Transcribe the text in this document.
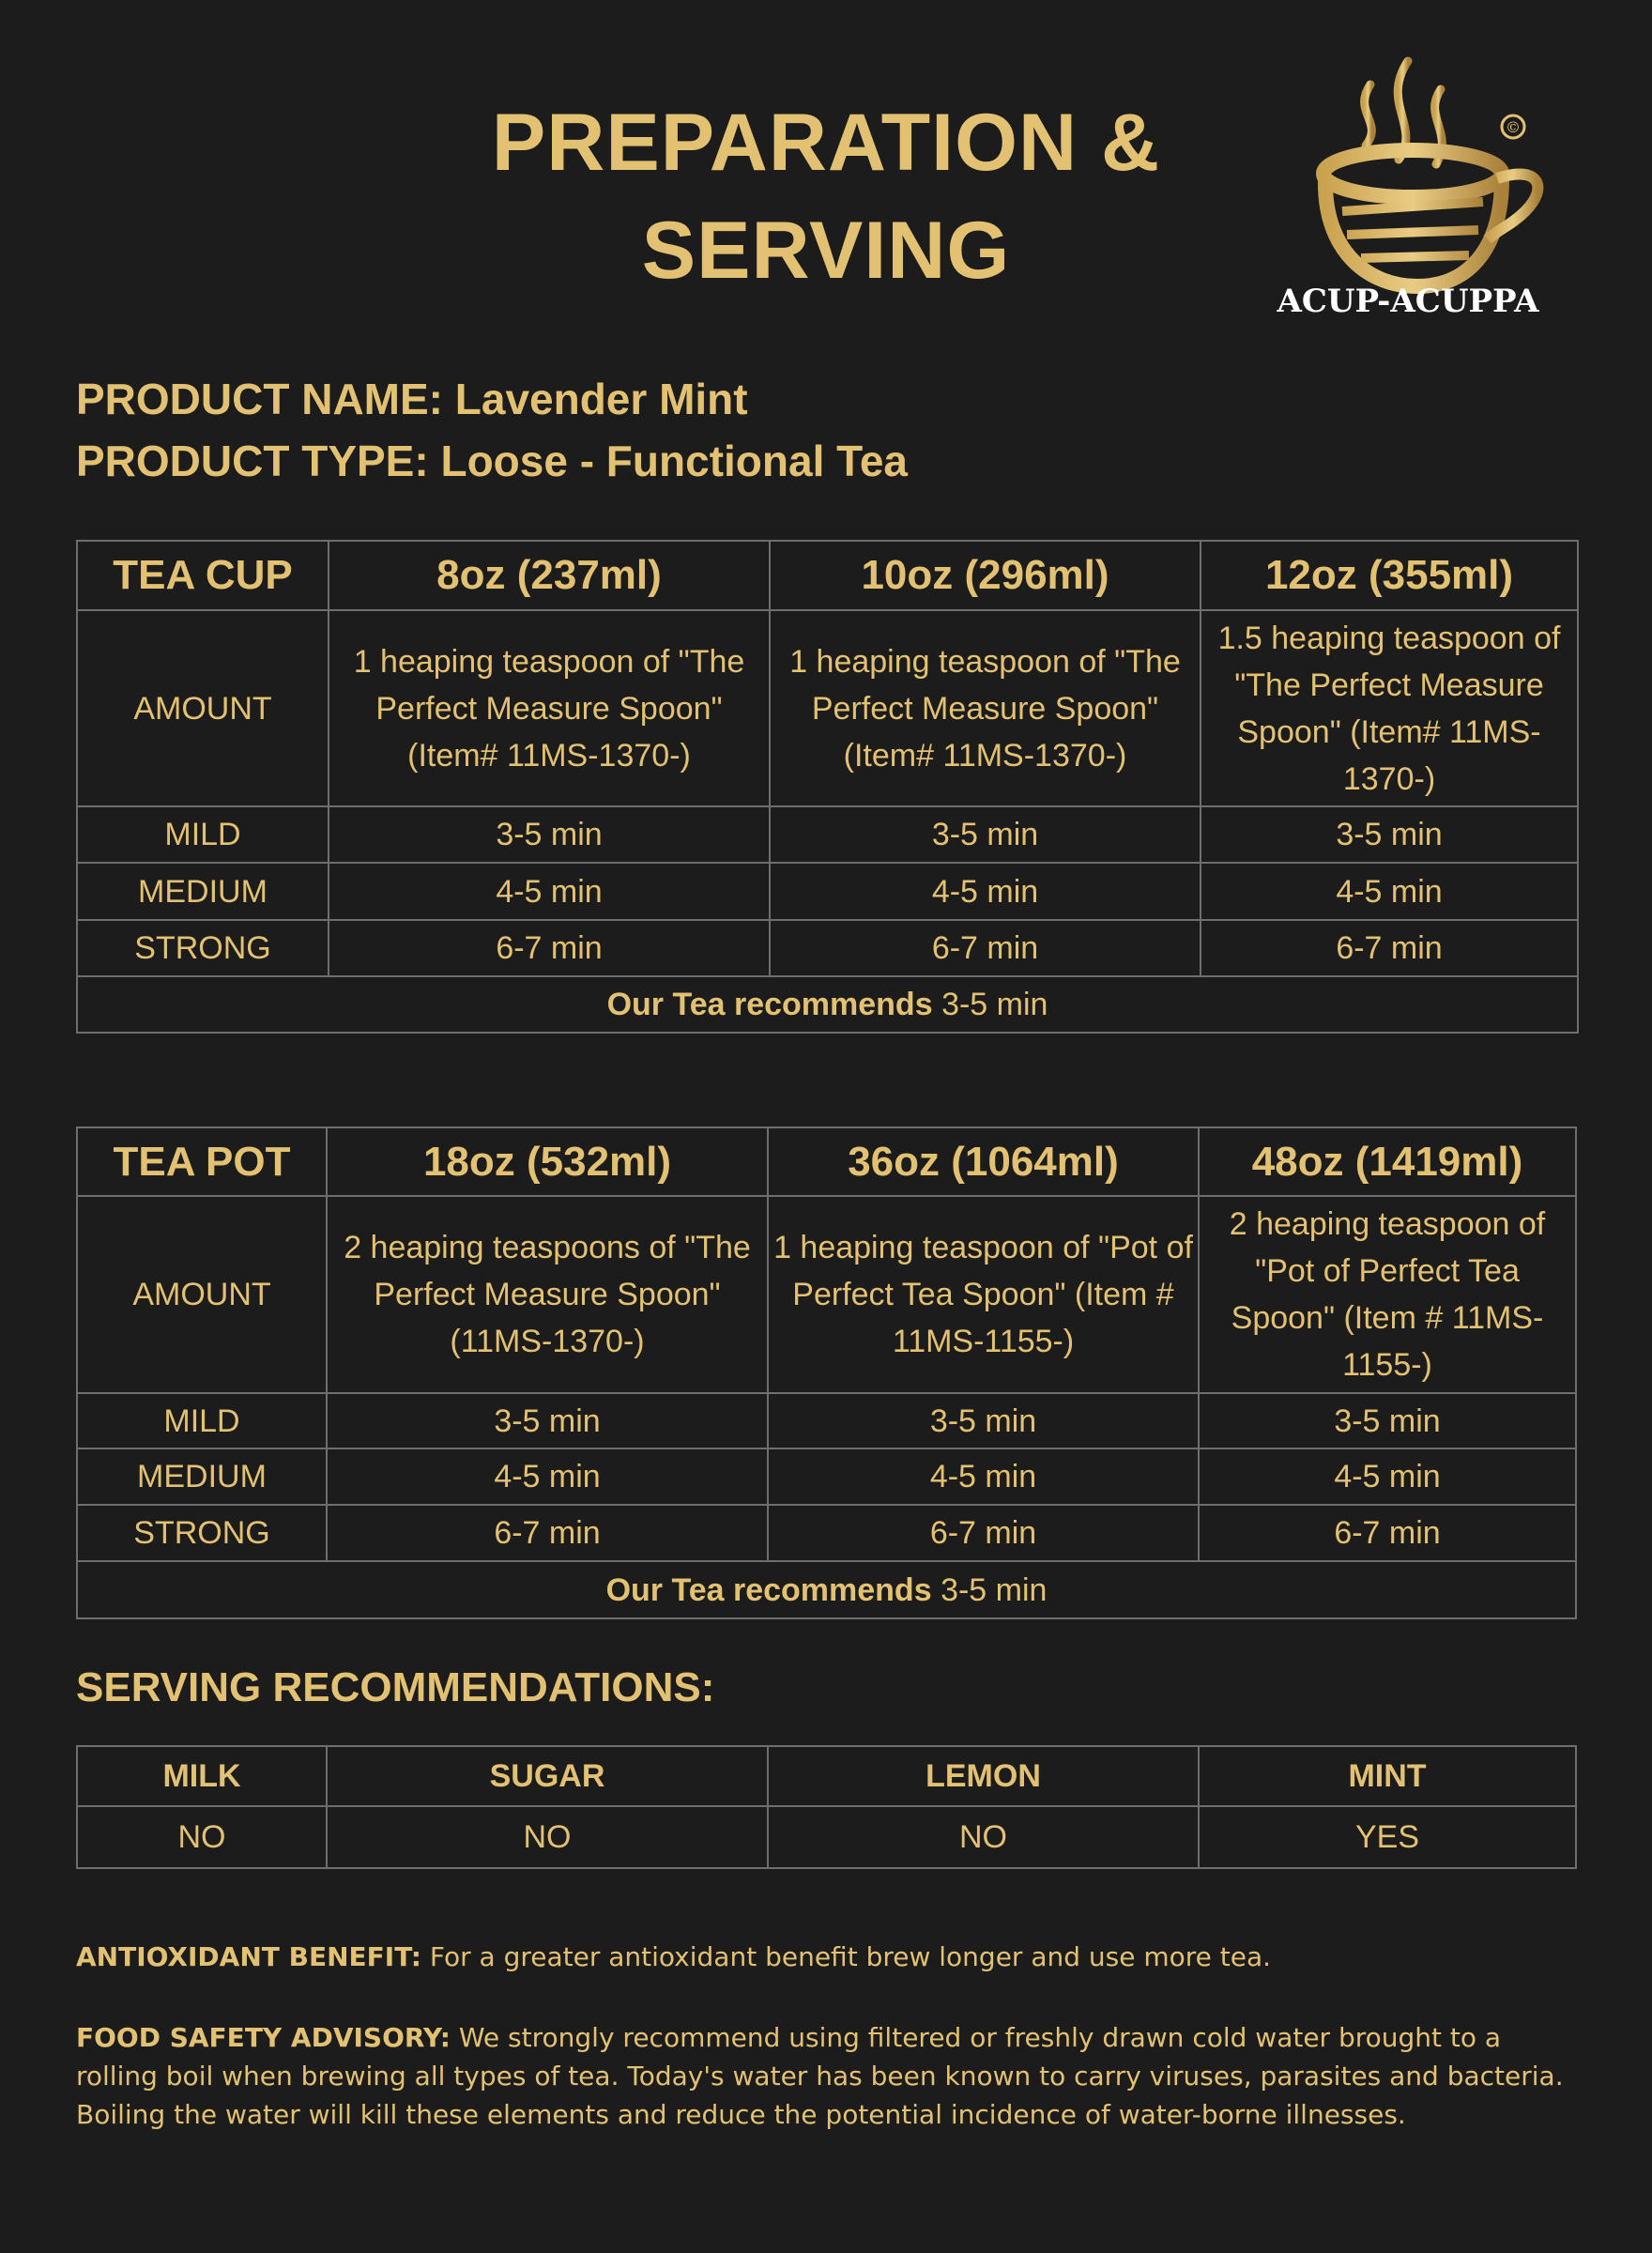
PREPARATION &
SERVING
©
ACUP-ACUPPA
PRODUCT NAME: Lavender Mint
PRODUCT TYPE: Loose - Functional Tea
TEA CUP	8oz (237ml)	10oz (296ml)	12oz (355ml)
AMOUNT	1 heaping teaspoon of "The Perfect Measure Spoon" (Item# 11MS-1370-)	1 heaping teaspoon of "The Perfect Measure Spoon" (Item# 11MS-1370-)	1.5 heaping teaspoon of "The Perfect Measure Spoon" (Item# 11MS-1370-)
MILD	3-5 min	3-5 min	3-5 min
MEDIUM	4-5 min	4-5 min	4-5 min
STRONG	6-7 min	6-7 min	6-7 min
Our Tea recommends 3-5 min			
TEA POT	18oz (532ml)	36oz (1064ml)	48oz (1419ml)
AMOUNT	2 heaping teaspoons of "The Perfect Measure Spoon" (11MS-1370-)	1 heaping teaspoon of "Pot of Perfect Tea Spoon" (Item # 11MS-1155-)	2 heaping teaspoon of "Pot of Perfect Tea Spoon" (Item # 11MS-1155-)
MILD	3-5 min	3-5 min	3-5 min
MEDIUM	4-5 min	4-5 min	4-5 min
STRONG	6-7 min	6-7 min	6-7 min
Our Tea recommends 3-5 min			
SERVING RECOMMENDATIONS:
MILK	SUGAR	LEMON	MINT
NO	NO	NO	YES
ANTIOXIDANT BENEFIT: For a greater antioxidant benefit brew longer and use more tea.
FOOD SAFETY ADVISORY: We strongly recommend using filtered or freshly drawn cold water brought to a rolling boil when brewing all types of tea. Today's water has been known to carry viruses, parasites and bacteria. Boiling the water will kill these elements and reduce the potential incidence of water-borne illnesses.
